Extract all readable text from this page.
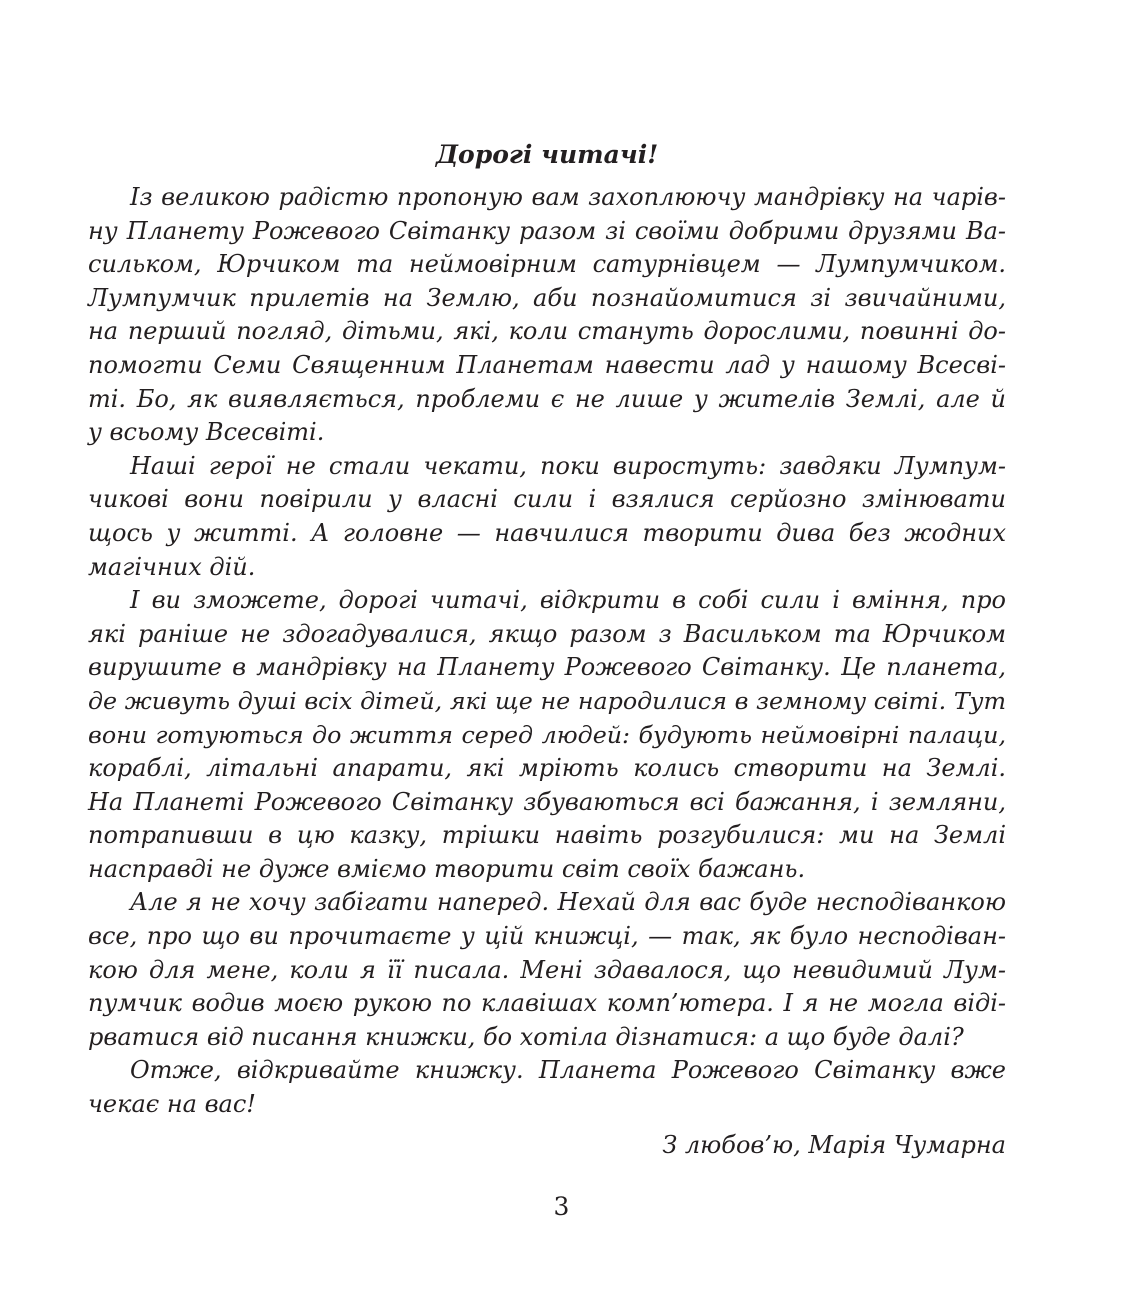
Дорогі читачі!
Із великою радістю пропоную вам захоплюючу мандрівку на чарів-
ну Планету Рожевого Світанку разом зі своїми добрими друзями Ва-
сильком, Юрчиком та неймовірним сатурнівцем — Лумпумчиком.
Лумпумчик прилетів на Землю, аби познайомитися зі звичайними,
на перший погляд, дітьми, які, коли стануть дорослими, повинні до-
помогти Семи Священним Планетам навести лад у нашому Всесві-
ті. Бо, як виявляється, проблеми є не лише у жителів Землі, але й
у всьому Всесвіті.
Наші герої не стали чекати, поки виростуть: завдяки Лумпум-
чикові вони повірили у власні сили і взялися серйозно змінювати
щось у житті. А головне — навчилися творити дива без жодних
магічних дій.
І ви зможете, дорогі читачі, відкрити в собі сили і вміння, про
які раніше не здогадувалися, якщо разом з Васильком та Юрчиком
вирушите в мандрівку на Планету Рожевого Світанку. Це планета,
де живуть душі всіх дітей, які ще не народилися в земному світі. Тут
вони готуються до життя серед людей: будують неймовірні палаци,
кораблі, літальні апарати, які мріють колись створити на Землі.
На Планеті Рожевого Світанку збуваються всі бажання, і земляни,
потрапивши в цю казку, трішки навіть розгубилися: ми на Землі
насправді не дуже вміємо творити світ своїх бажань.
Але я не хочу забігати наперед. Нехай для вас буде несподіванкою
все, про що ви прочитаєте у цій книжці, — так, як було несподіван-
кою для мене, коли я її писала. Мені здавалося, що невидимий Лум-
пумчик водив моєю рукою по клавішах комп’ютера. І я не могла віді-
рватися від писання книжки, бо хотіла дізнатися: а що буде далі?
Отже, відкривайте книжку. Планета Рожевого Світанку вже
чекає на вас!
З любов’ю, Марія Чумарна
3
